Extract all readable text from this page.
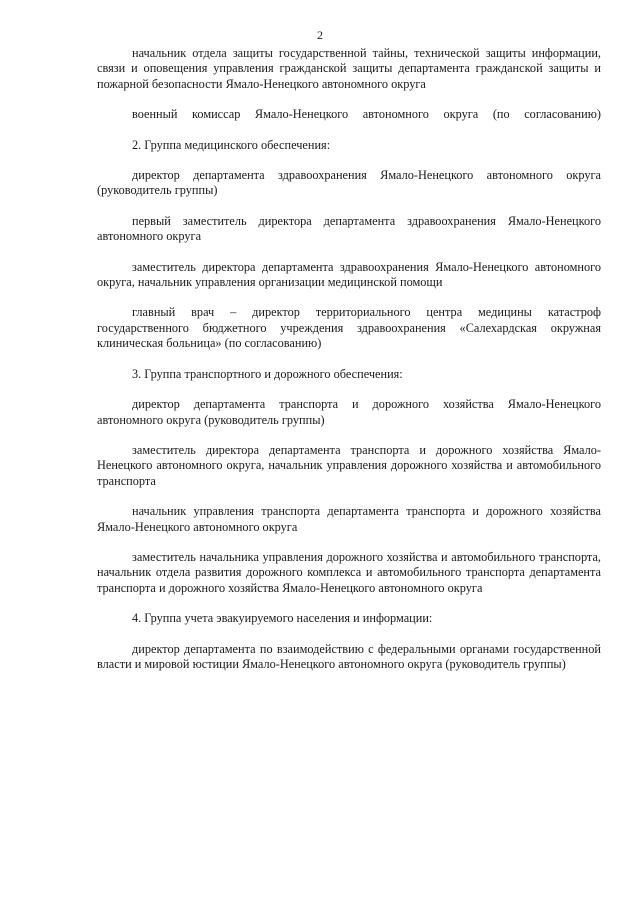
2

начальник отдела защиты государственной тайны, технической защиты информации, связи и оповещения управления гражданской защиты департамента гражданской защиты и пожарной безопасности Ямало-Ненецкого автономного округа

военный комиссар Ямало-Ненецкого автономного округа (по согласованию)

2. Группа медицинского обеспечения:

директор департамента здравоохранения Ямало-Ненецкого автономного округа (руководитель группы)

первый заместитель директора департамента здравоохранения Ямало-Ненецкого автономного округа

заместитель директора департамента здравоохранения Ямало-Ненецкого автономного округа, начальник управления организации медицинской помощи

главный врач – директор территориального центра медицины катастроф государственного бюджетного учреждения здравоохранения «Салехардская окружная клиническая больница» (по согласованию)

3. Группа транспортного и дорожного обеспечения:

директор департамента транспорта и дорожного хозяйства Ямало-Ненецкого автономного округа (руководитель группы)

заместитель директора департамента транспорта и дорожного хозяйства Ямало-Ненецкого автономного округа, начальник управления дорожного хозяйства и автомобильного транспорта

начальник управления транспорта департамента транспорта и дорожного хозяйства Ямало-Ненецкого автономного округа

заместитель начальника управления дорожного хозяйства и автомобильного транспорта, начальник отдела развития дорожного комплекса и автомобильного транспорта департамента транспорта и дорожного хозяйства Ямало-Ненецкого автономного округа

4. Группа учета эвакуируемого населения и информации:

директор департамента по взаимодействию с федеральными органами государственной власти и мировой юстиции Ямало-Ненецкого автономного округа (руководитель группы)
